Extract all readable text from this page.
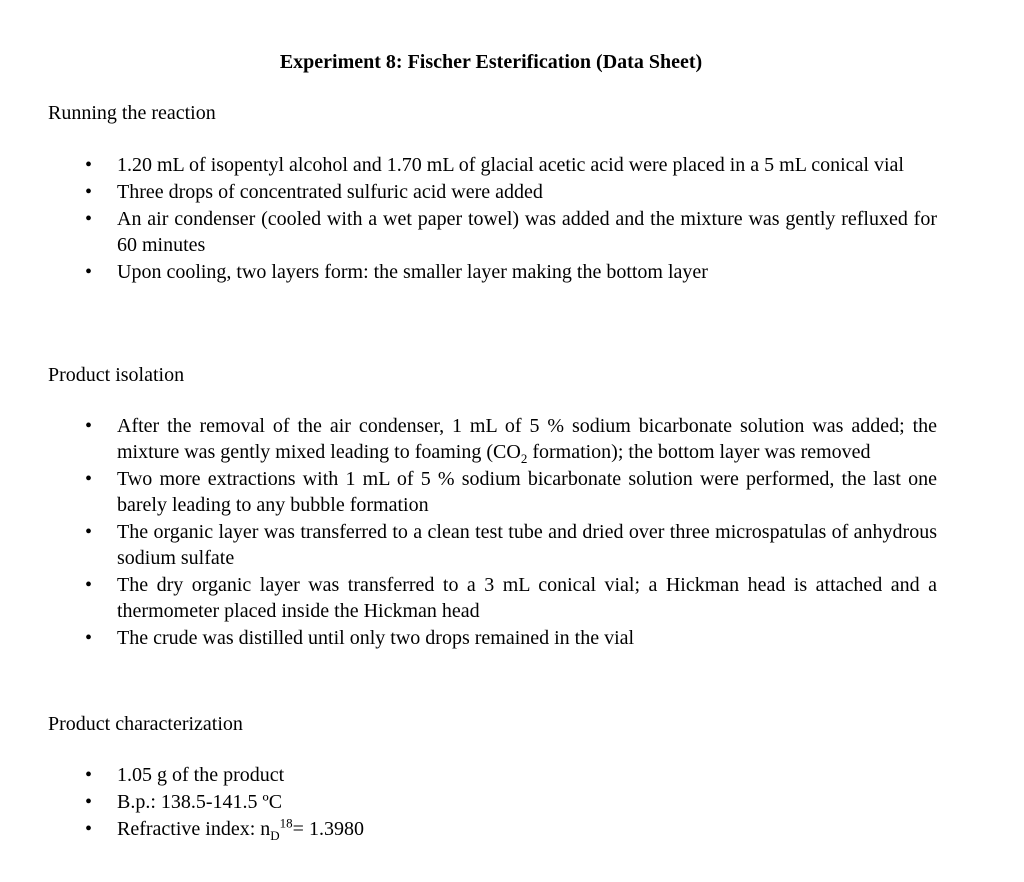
Experiment 8: Fischer Esterification (Data Sheet)
Running the reaction
• 1.20 mL of isopentyl alcohol and 1.70 mL of glacial acetic acid were placed in a 5 mL conical vial
• Three drops of concentrated sulfuric acid were added
• An air condenser (cooled with a wet paper towel) was added and the mixture was gently refluxed for 60 minutes
• Upon cooling, two layers form: the smaller layer making the bottom layer
Product isolation
• After the removal of the air condenser, 1 mL of 5 % sodium bicarbonate solution was added; the mixture was gently mixed leading to foaming ($CO_2$ formation); the bottom layer was removed
• Two more extractions with 1 mL of 5 % sodium bicarbonate solution were performed, the last one barely leading to any bubble formation
• The organic layer was transferred to a clean test tube and dried over three microspatulas of anhydrous sodium sulfate
• The dry organic layer was transferred to a 3 mL conical vial; a Hickman head is attached and a thermometer placed inside the Hickman head
• The crude was distilled until only two drops remained in the vial
Product characterization
• 1.05 g of the product
• B.p.: 138.5-141.5 ºC
• Refractive index: $n_D^{18}= 1.3980$
